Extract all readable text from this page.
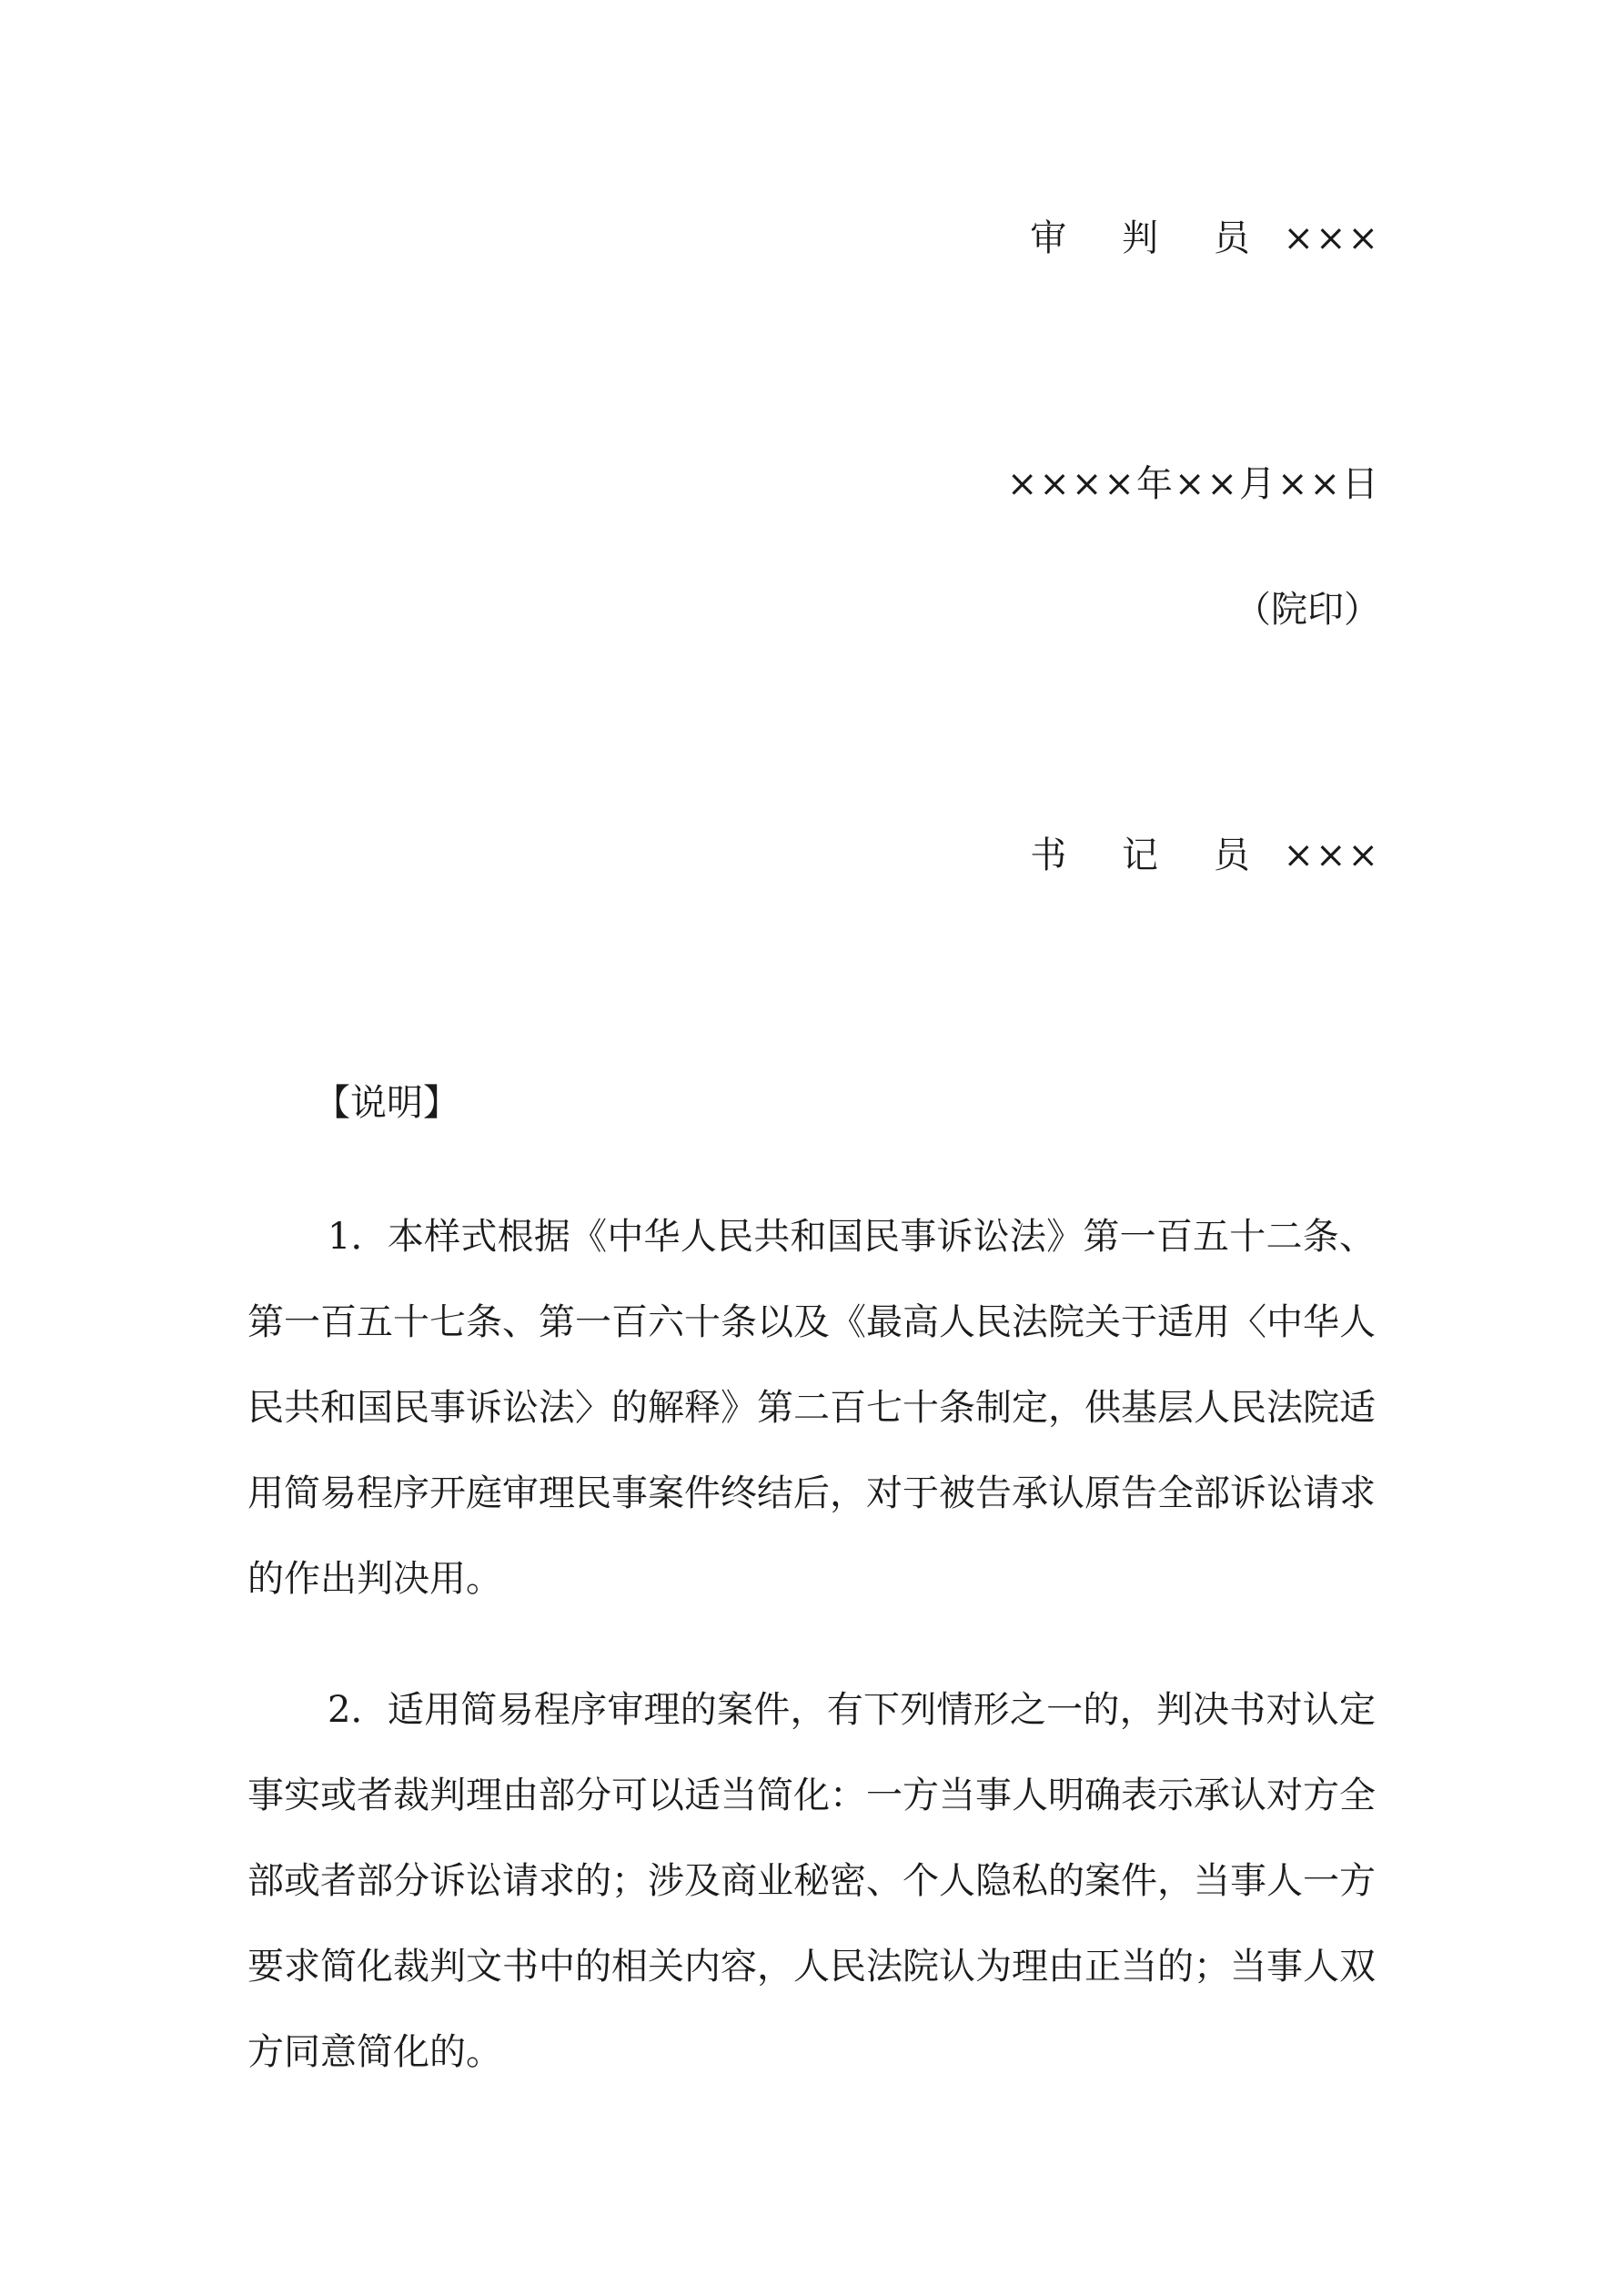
审 判 员 ×××
××××年××月××日
（院印）
书 记 员 ×××
【说明】

1．本样式根据《中华人民共和国民事诉讼法》第一百五十二条、第一百五十七条、第一百六十条以及《最高人民法院关于适用〈中华人民共和国民事诉讼法〉的解释》第二百七十条制定，供基层人民法院适用简易程序开庭审理民事案件终结后，对于被告承认原告全部诉讼请求的作出判决用。

2．适用简易程序审理的案件，有下列情形之一的，判决书对认定事实或者裁判理由部分可以适当简化：一方当事人明确表示承认对方全部或者部分诉讼请求的；涉及商业秘密、个人隐私的案件，当事人一方要求简化裁判文书中的相关内容，人民法院认为理由正当的；当事人双方同意简化的。
